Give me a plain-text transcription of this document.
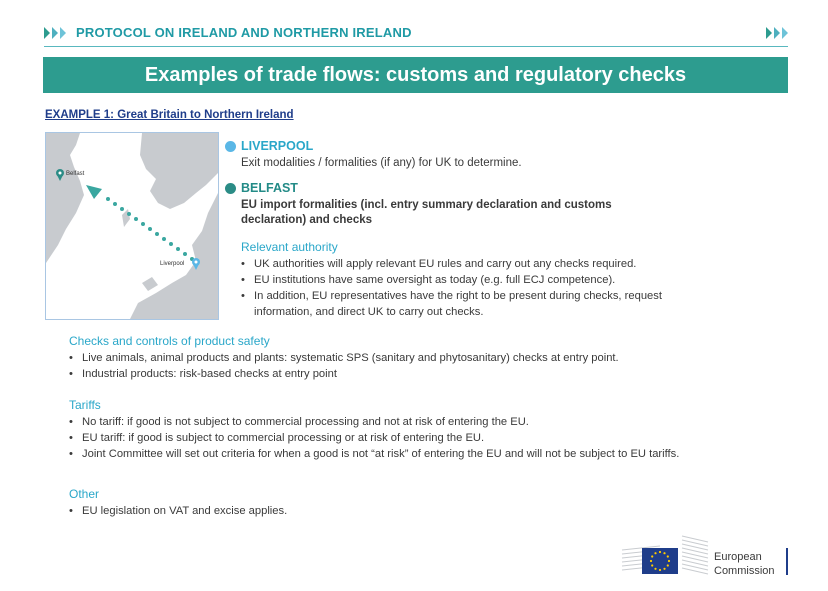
PROTOCOL ON IRELAND AND NORTHERN IRELAND
Examples of trade flows: customs and regulatory checks
EXAMPLE 1: Great Britain to Northern Ireland
Belfast
Liverpool
LIVERPOOL
Exit modalities / formalities (if any) for UK to determine.
BELFAST
EU import formalities (incl. entry summary declaration and customs
declaration) and checks
Relevant authority
• UK authorities will apply relevant EU rules and carry out any checks required.
• EU institutions have same oversight as today (e.g. full ECJ competence).
• In addition, EU representatives have the right to be present during checks, request information, and direct UK to carry out checks.
Checks and controls of product safety
• Live animals, animal products and plants: systematic SPS (sanitary and phytosanitary) checks at entry point.
• Industrial products: risk-based checks at entry point
Tariffs
• No tariff: if good is not subject to commercial processing and not at risk of entering the EU.
• EU tariff: if good is subject to commercial processing or at risk of entering the EU.
• Joint Committee will set out criteria for when a good is not “at risk” of entering the EU and will not be subject to EU tariffs.
Other
• EU legislation on VAT and excise applies.
European
Commission
